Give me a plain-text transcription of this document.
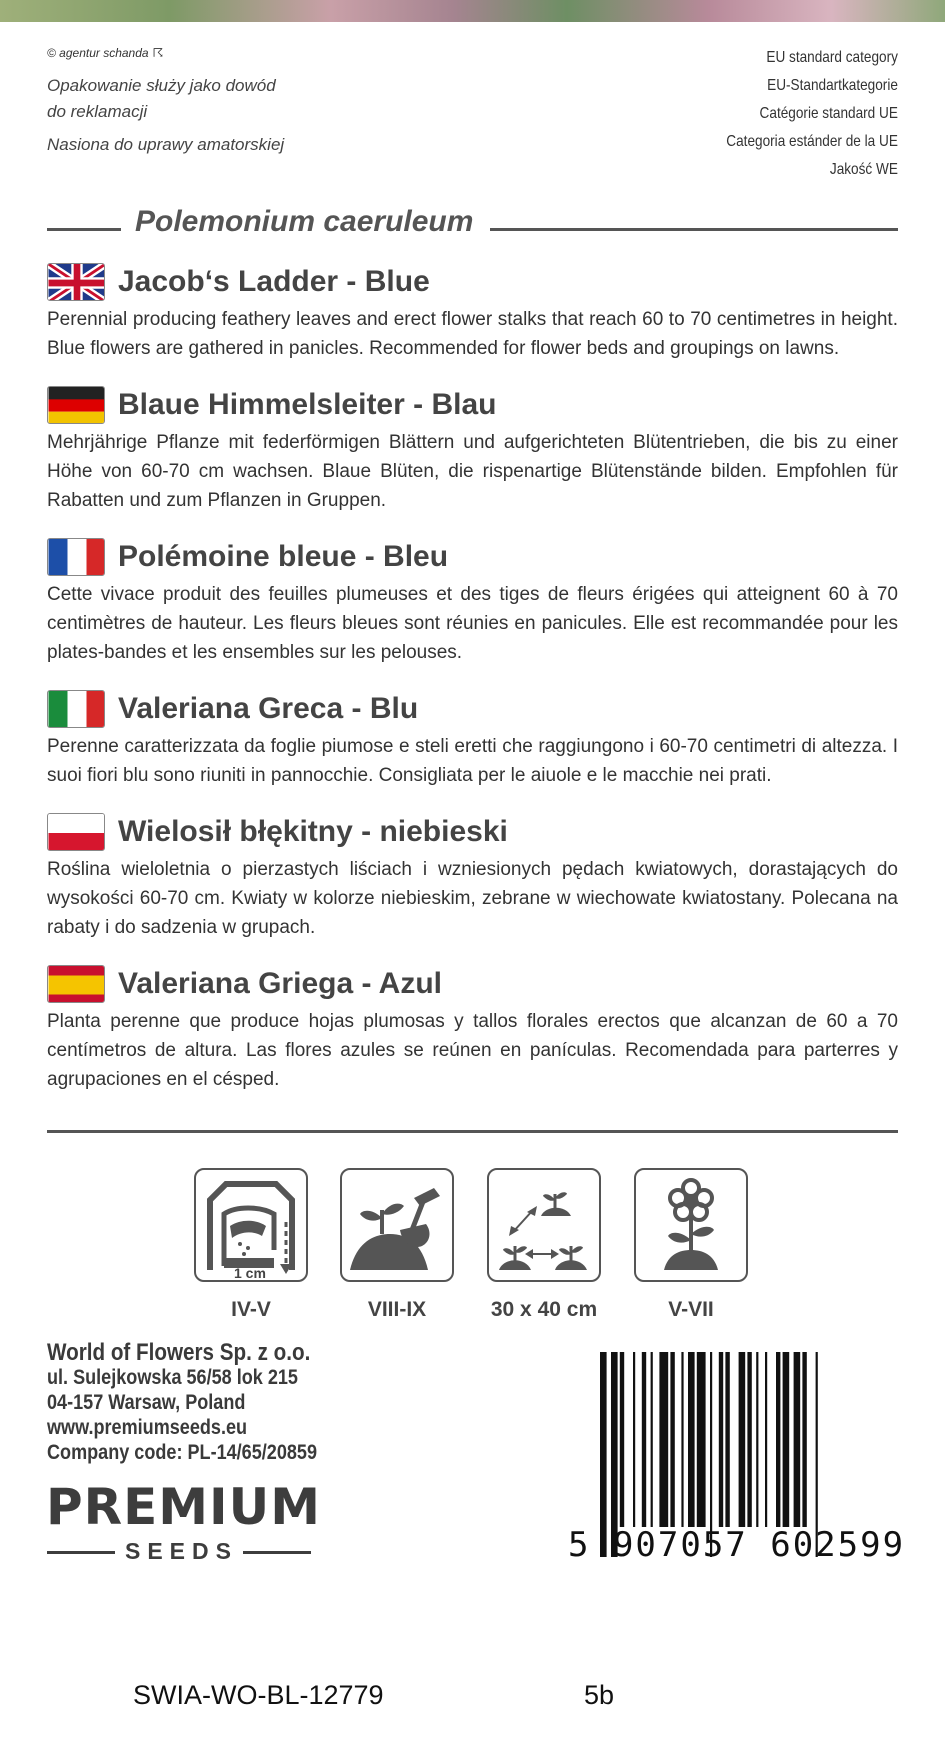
© agentur schanda ☈
Opakowanie służy jako dowód do reklamacji
Nasiona do uprawy amatorskiej
EU standard category
EU-Standartkategorie
Catégorie standard UE
Categoria estánder de la UE
Jakość WE
Polemonium caeruleum
Jacob‘s Ladder - Blue
Perennial producing feathery leaves and erect flower stalks that reach 60 to 70 centimetres in height. Blue flowers are gathered in panicles. Recommended for flower beds and groupings on lawns.
Blaue Himmelsleiter - Blau
Mehrjährige Pflanze mit federförmigen Blättern und aufgerichteten Blütentrieben, die bis zu einer Höhe von 60-70 cm wachsen. Blaue Blüten, die rispenartige Blütenstände bilden. Empfohlen für Rabatten und zum Pflanzen in Gruppen.
Polémoine bleue - Bleu
Cette vivace produit des feuilles plumeuses et des tiges de fleurs érigées qui atteignent 60 à 70 centimètres de hauteur. Les fleurs bleues sont réunies en panicules. Elle est recommandée pour les plates-bandes et les ensembles sur les pelouses.
Valeriana Greca - Blu
Perenne caratterizzata da foglie piumose e steli eretti che raggiungono i 60-70 centimetri di altezza. I suoi fiori blu sono riuniti in pannocchie. Consigliata per le aiuole e le macchie nei prati.
Wielosił błękitny - niebieski
Roślina wieloletnia o pierzastych liściach i wzniesionych pędach kwiatowych, dorastających do wysokości 60-70 cm. Kwiaty w kolorze niebieskim, zebrane w wiechowate kwiatostany. Polecana na rabaty i do sadzenia w grupach.
Valeriana Griega - Azul
Planta perenne que produce hojas plumosas y tallos florales erectos que alcanzan de 60 a 70 centímetros de altura. Las flores azules se reúnen en panículas. Recomendada para parterres y agrupaciones en el césped.
1 cm
IV-V	VIII-IX	30 x 40 cm	V-VII
World of Flowers Sp. z o.o.
ul. Sulejkowska 56/58 lok 215
04-157 Warsaw, Poland
www.premiumseeds.eu
Company code: PL-14/65/20859
PREMIUM
SEEDS	5 907057 602599
SWIA-WO-BL-12779	5b
